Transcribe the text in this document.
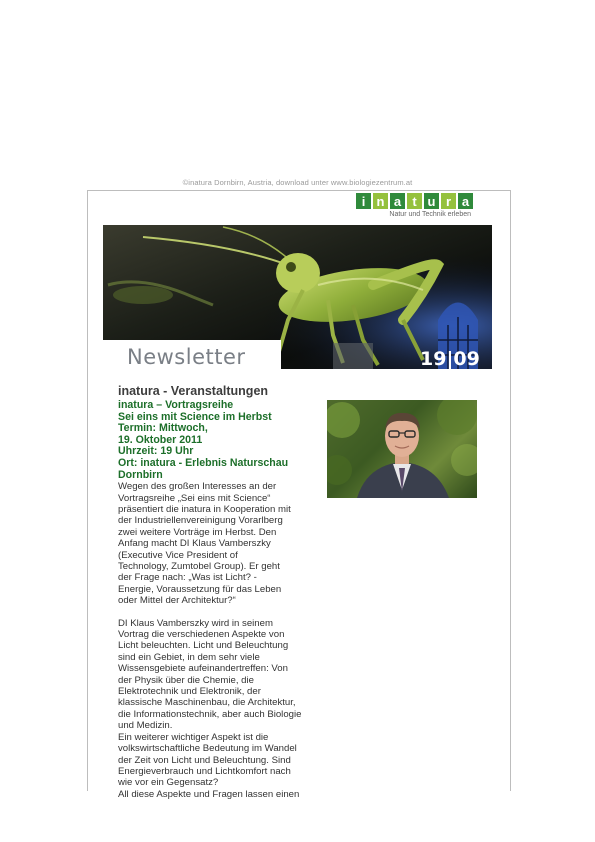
©inatura Dornbirn, Austria, download unter www.biologiezentrum.at
i n a t u r a
Natur und Technik erleben
Newsletter	19|09
inatura - Veranstaltungen
inatura – Vortragsreihe
Sei eins mit Science im Herbst
Termin: Mittwoch,
19. Oktober 2011
Uhrzeit: 19 Uhr
Ort: inatura - Erlebnis Naturschau
Dornbirn
Wegen des großen Interesses an der
Vortragsreihe „Sei eins mit Science“
präsentiert die inatura in Kooperation mit
der Industriellenvereinigung Vorarlberg
zwei weitere Vorträge im Herbst. Den
Anfang macht DI Klaus Vamberszky
(Executive Vice President of
Technology, Zumtobel Group). Er geht
der Frage nach: „Was ist Licht? -
Energie, Voraussetzung für das Leben
oder Mittel der Architektur?“
DI Klaus Vamberszky wird in seinem
Vortrag die verschiedenen Aspekte von
Licht beleuchten. Licht und Beleuchtung
sind ein Gebiet, in dem sehr viele
Wissensgebiete aufeinandertreffen: Von
der Physik über die Chemie, die
Elektrotechnik und Elektronik, der
klassische Maschinenbau, die Architektur,
die Informationstechnik, aber auch Biologie
und Medizin.
Ein weiterer wichtiger Aspekt ist die
volkswirtschaftliche Bedeutung im Wandel
der Zeit von Licht und Beleuchtung. Sind
Energieverbrauch und Lichtkomfort nach
wie vor ein Gegensatz?
All diese Aspekte und Fragen lassen einen
